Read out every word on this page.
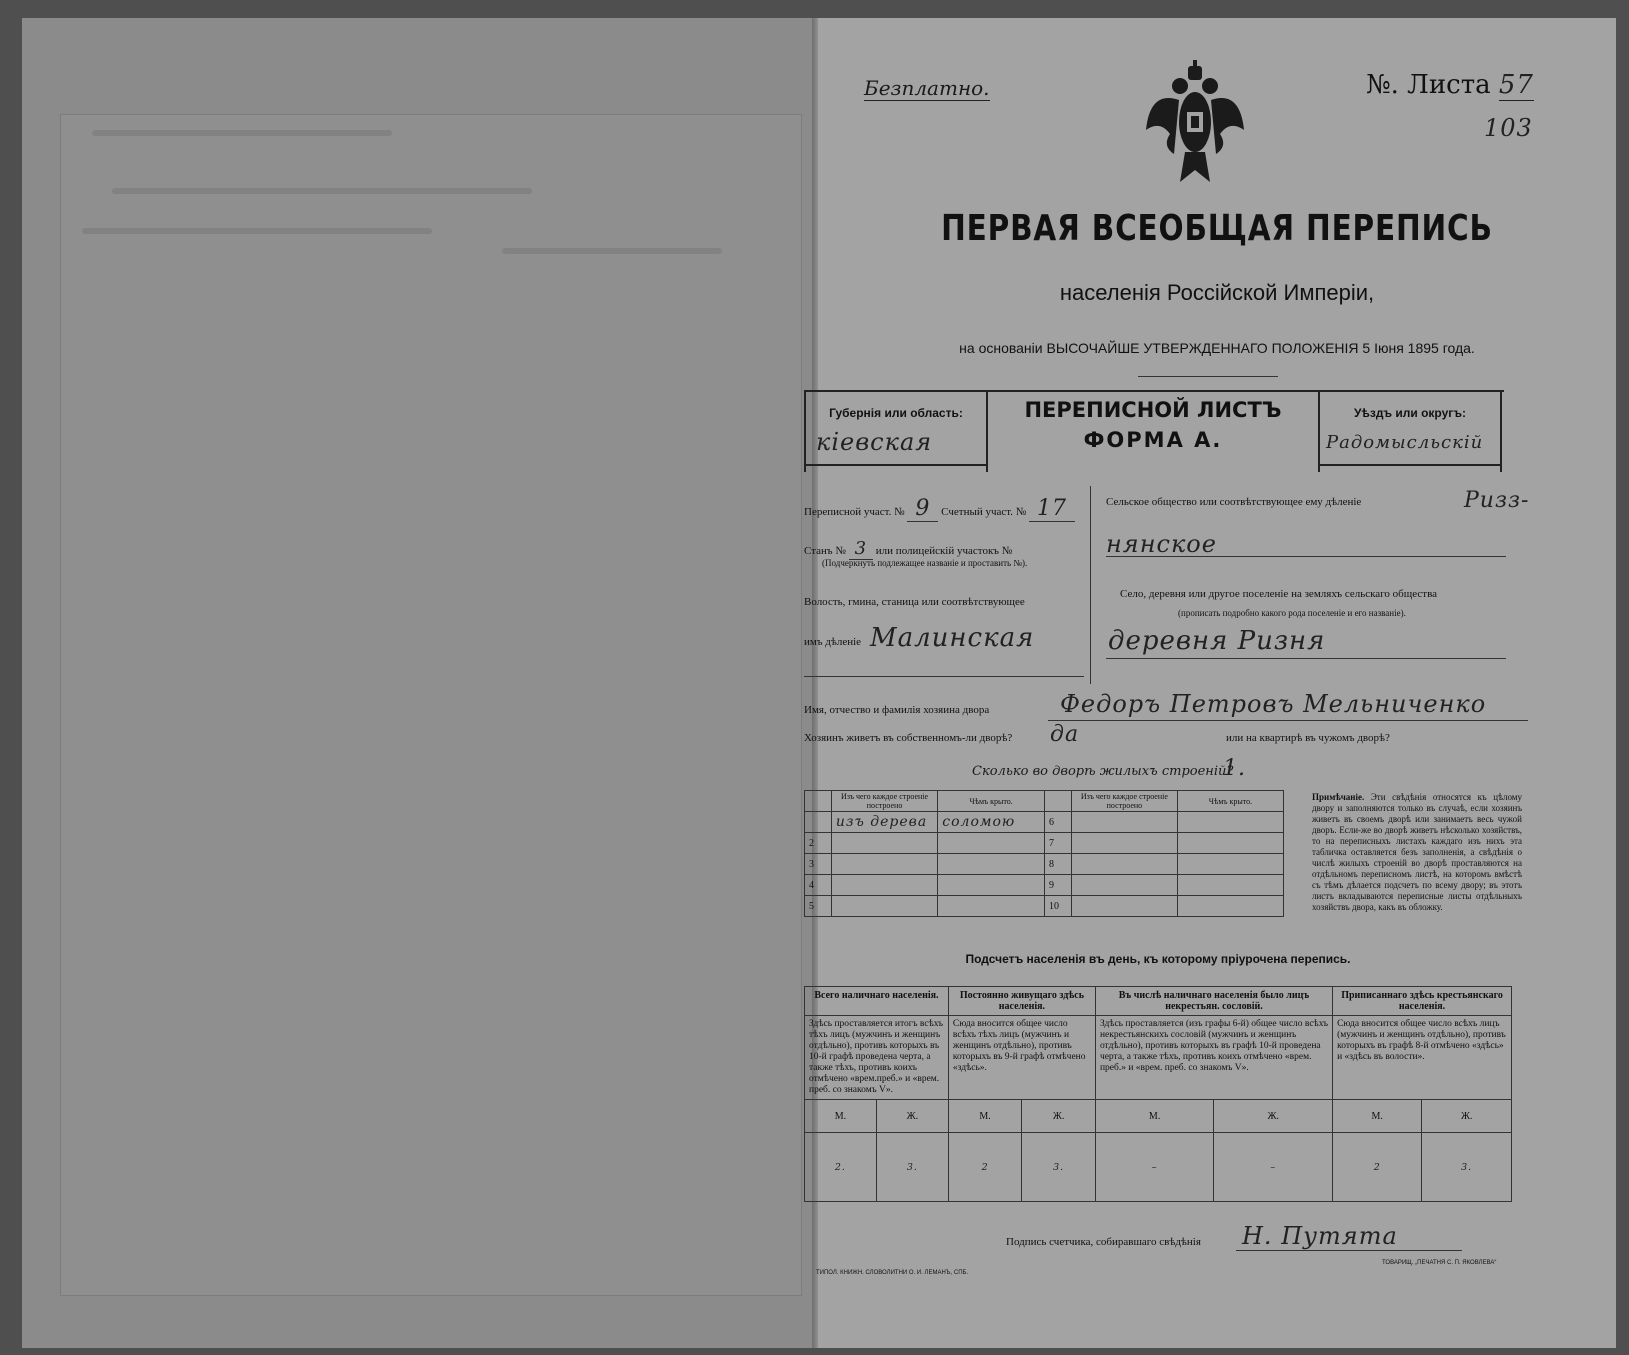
Безплатно.	№. Листа 57
103
ПЕРВАЯ ВСЕОБЩАЯ ПЕРЕПИСЬ
населенія Россійской Имперіи,
на основаніи ВЫСОЧАЙШЕ УТВЕРЖДЕННАГО ПОЛОЖЕНІЯ 5 Іюня 1895 года.
Губернія или область:
кіевская
ПЕРЕПИСНОЙ ЛИСТЪ
ФОРМА А.
Уѣздъ или округъ:
Радомысльскій
Переписной участ. № 9 Счетный участ. № 17
Станъ № 3 или полицейскій участокъ №
(Подчеркнуть подлежащее названіе и проставить №).
Волость, гмина, станица или соотвѣтствующее
имъ дѣленіе Малинская
Сельское общество или соотвѣтствующее ему дѣленіе	Ризз-
нянское
Село, деревня или другое поселеніе на земляхъ сельскаго общества
(прописать подробно какого рода поселеніе и его названіе).
деревня Ризня
Имя, отчество и фамилія хозяина двора	Федоръ Петровъ Мельниченко
Хозяинъ живетъ въ собственномъ-ли дворѣ? да	или на квартирѣ въ чужомъ дворѣ?
Сколько во дворѣ жилыхъ строеній?
1.
	Изъ чего каждое строеніе построено	Чѣмъ крыто.		Изъ чего каждое строеніе построено	Чѣмъ крыто.
	изъ дерева	соломою	6		
2			7		
3			8		
4			9		
5			10		
Примѣчаніе. Эти свѣдѣнія относятся къ цѣлому двору и заполняются только въ случаѣ, если хозяинъ живетъ въ своемъ дворѣ или занимаетъ весь чужой дворъ. Если-же во дворѣ живетъ нѣсколько хозяйствъ, то на переписныхъ листахъ каждаго изъ нихъ эта табличка оставляется безъ заполненія, а свѣдѣнія о числѣ жилыхъ строеній во дворѣ проставляются на отдѣльномъ переписномъ листѣ, на которомъ вмѣстѣ съ тѣмъ дѣлается подсчетъ по всему двору; въ этотъ листъ вкладываются переписные листы отдѣльныхъ хозяйствъ двора, какъ въ обложку.
Подсчетъ населенія въ день, къ которому пріурочена перепись.
Всего наличнаго населенія.		Постоянно живущаго здѣсь населенія.		Въ числѣ наличнаго населенія было лицъ некрестьян. сословій.		Приписаннаго здѣсь крестьянскаго населенія.	
Здѣсь проставляется итогъ всѣхъ тѣхъ лицъ (мужчинъ и женщинъ отдѣльно), противъ которыхъ въ 10-й графѣ проведена черта, а также тѣхъ, противъ коихъ отмѣчено «врем.преб.» и «врем. преб. со знакомъ V».		Сюда вносится общее число всѣхъ тѣхъ лицъ (мужчинъ и женщинъ отдѣльно), противъ которыхъ въ 9-й графѣ отмѣчено «здѣсь».		Здѣсь проставляется (изъ графы 6-й) общее число всѣхъ некрестьянскихъ сословій (мужчинъ и женщинъ отдѣльно), противъ которыхъ въ графѣ 10-й проведена черта, а также тѣхъ, противъ коихъ отмѣчено «врем. преб.» и «врем. преб. со знакомъ V».		Сюда вносится общее число всѣхъ лицъ (мужчинъ и женщинъ отдѣльно), противъ которыхъ въ графѣ 8-й отмѣчено «здѣсь» и «здѣсь въ волости».	
М.	Ж.	М.	Ж.	М.	Ж.	М.	Ж.
2.	3.	2	3.	–	–	2	3.
Подпись счетчика, собиравшаго свѣдѣнія Н. Путята
ТИПОЛ. КНИЖН. СЛОВОЛИТНИ О. И. ЛЕМАНЪ, СПБ.
ТОВАРИЩ. „ПЕЧАТНЯ С. П. ЯКОВЛЕВА“
